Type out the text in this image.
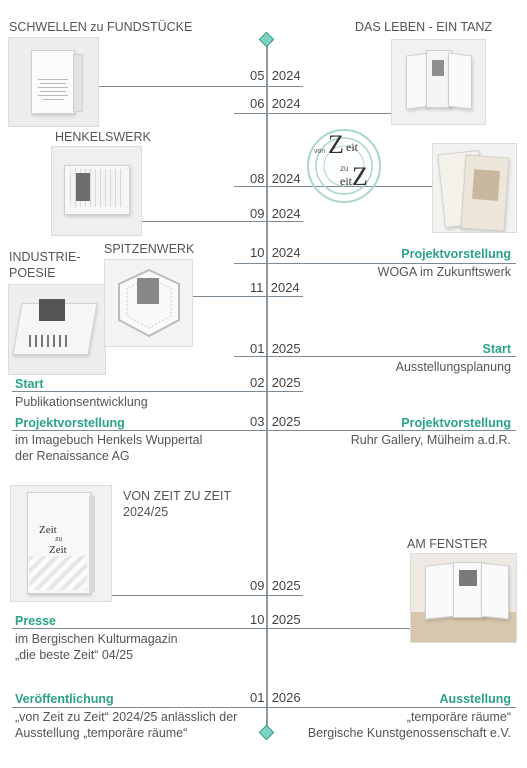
05 2024
06 2024
08 2024
09 2024
10 2024
11 2024
01 2025
02 2025
03 2025
09 2025
10 2025
01 2026
SCHWELLEN zu FUNDSTÜCKE	DAS LEBEN - EIN TANZ
HENKELSWERK
INDUSTRIE-
POESIE
SPITZENWERK
VON ZEIT ZU ZEIT
2024/25
AM FENSTER
Projektvorstellung
WOGA im Zukunftswerk
Start
Ausstellungsplanung
Projektvorstellung
Ruhr Gallery, Mülheim a.d.R.
Ausstellung
„temporäre räume“
Bergische Kunstgenossenschaft e.V.
Start
Publikationsentwicklung
Projektvorstellung
im Imagebuch Henkels Wuppertal
der Renaissance AG
Presse
im Bergischen Kulturmagazin
„die beste Zeit“ 04/25
Veröffentlichung
„von Zeit zu Zeit“ 2024/25 anlässlich der
Ausstellung „temporäre räume“
Z eit
zu Z
eit
von
Zeit
zu
Zeit
